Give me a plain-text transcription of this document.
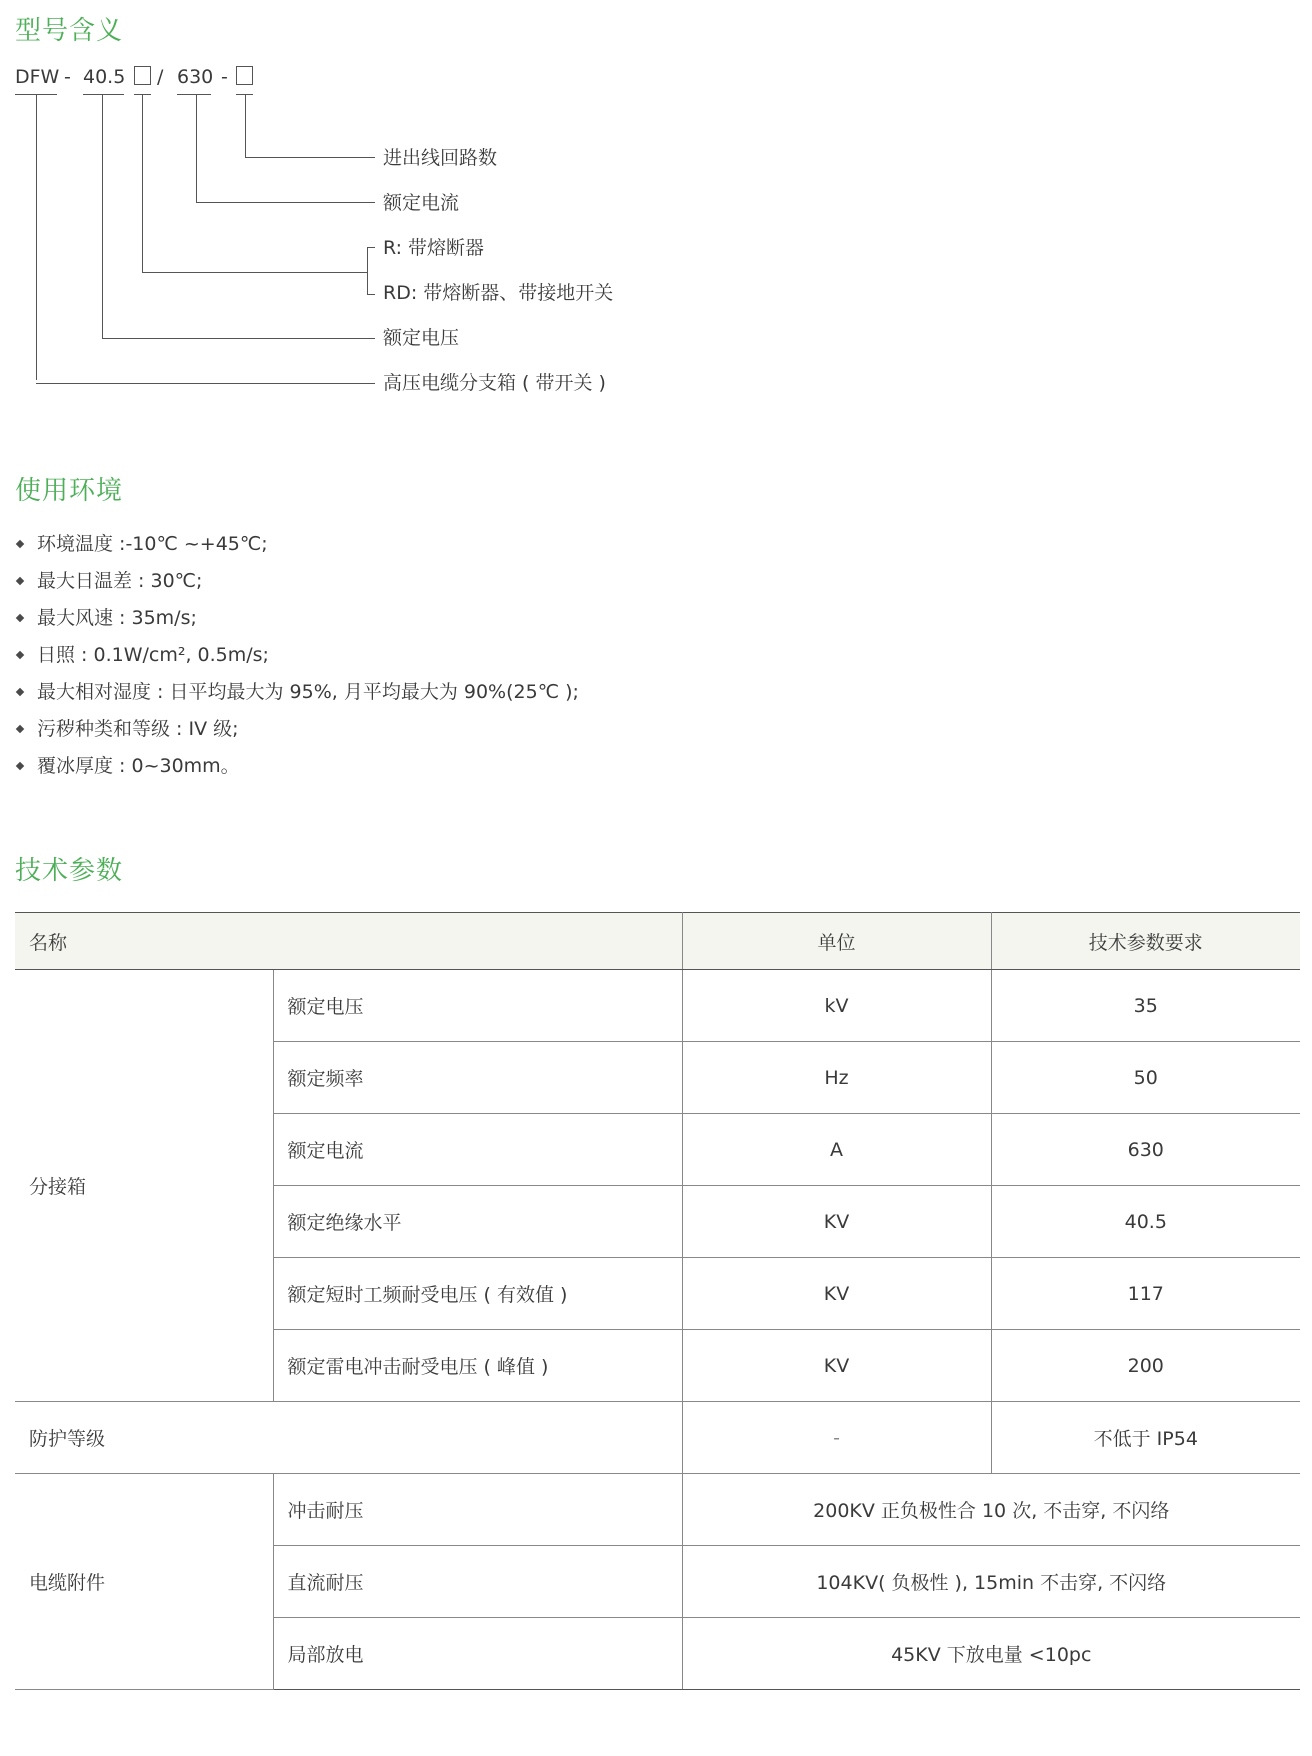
型号含义
DFW - 40.5 / 630 -
进出线回路数
额定电流
R: 带熔断器
RD: 带熔断器、带接地开关
额定电压
高压电缆分支箱 ( 带开关 )
使用环境
环境温度 :-10℃ ~+45℃;
最大日温差 : 30℃;
最大风速 : 35m/s;
日照 : 0.1W/cm², 0.5m/s;
最大相对湿度 : 日平均最大为 95%, 月平均最大为 90%(25℃ );
污秽种类和等级 : IV 级;
覆冰厚度 : 0~30mm。
技术参数
名称		单位	技术参数要求
分接箱	额定电压	kV	35
	额定频率	Hz	50
	额定电流	A	630
	额定绝缘水平	KV	40.5
	额定短时工频耐受电压 ( 有效值 )	KV	117
	额定雷电冲击耐受电压 ( 峰值 )	KV	200
防护等级		-	不低于 IP54
电缆附件	冲击耐压	200KV 正负极性合 10 次, 不击穿, 不闪络	
	直流耐压	104KV( 负极性 ), 15min 不击穿, 不闪络	
	局部放电	45KV 下放电量 <10pc	
